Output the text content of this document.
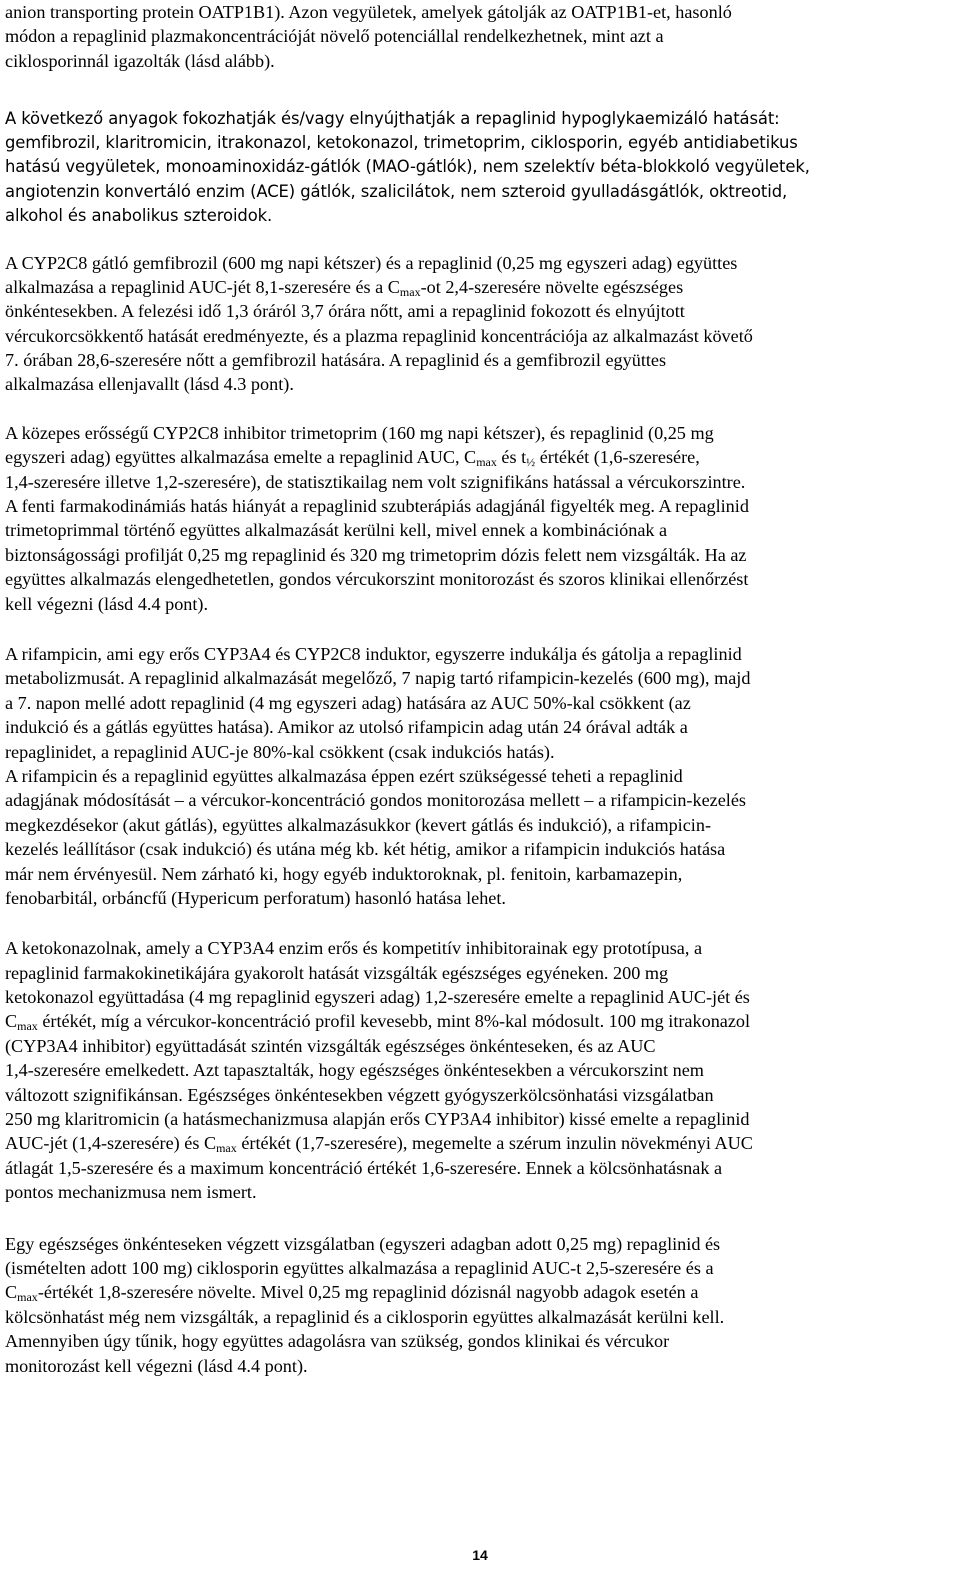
anion transporting protein OATP1B1). Azon vegyületek, amelyek gátolják az OATP1B1-et, hasonló
módon a repaglinid plazmakoncentrációját növelő potenciállal rendelkezhetnek, mint azt a
ciklosporinnál igazolták (lásd alább).
A következő anyagok fokozhatják és/vagy elnyújthatják a repaglinid hypoglykaemizáló hatását:
gemfibrozil, klaritromicin, itrakonazol, ketokonazol, trimetoprim, ciklosporin, egyéb antidiabetikus
hatású vegyületek, monoaminoxidáz-gátlók (MAO-gátlók), nem szelektív béta-blokkoló vegyületek,
angiotenzin konvertáló enzim (ACE) gátlók, szalicilátok, nem szteroid gyulladásgátlók, oktreotid,
alkohol és anabolikus szteroidok.
A CYP2C8 gátló gemfibrozil (600 mg napi kétszer) és a repaglinid (0,25 mg egyszeri adag) együttes
alkalmazása a repaglinid AUC-jét 8,1-szeresére és a $C_{max}-ot$ 2,4-szeresére növelte egészséges
önkéntesekben. A felezési idő 1,3 óráról 3,7 órára nőtt, ami a repaglinid fokozott és elnyújtott
vércukorcsökkentő hatását eredményezte, és a plazma repaglinid koncentrációja az alkalmazást követő
7. órában 28,6-szeresére nőtt a gemfibrozil hatására. A repaglinid és a gemfibrozil együttes
alkalmazása ellenjavallt (lásd 4.3 pont).
A közepes erősségű CYP2C8 inhibitor trimetoprim (160 mg napi kétszer), és repaglinid (0,25 mg
egyszeri adag) együttes alkalmazása emelte a repaglinid AUC, $C_{max}$ és $t_{\frac{1}{2}}$ értékét (1,6-szeresére,
1,4-szeresére illetve 1,2-szeresére), de statisztikailag nem volt szignifikáns hatással a vércukorszintre.
A fenti farmakodinámiás hatás hiányát a repaglinid szubterápiás adagjánál figyelték meg. A repaglinid
trimetoprimmal történő együttes alkalmazását kerülni kell, mivel ennek a kombinációnak a
biztonságossági profilját 0,25 mg repaglinid és 320 mg trimetoprim dózis felett nem vizsgálták. Ha az
együttes alkalmazás elengedhetetlen, gondos vércukorszint monitorozást és szoros klinikai ellenőrzést
kell végezni (lásd 4.4 pont).
A rifampicin, ami egy erős CYP3A4 és CYP2C8 induktor, egyszerre indukálja és gátolja a repaglinid
metabolizmusát. A repaglinid alkalmazását megelőző, 7 napig tartó rifampicin-kezelés (600 mg), majd
a 7. napon mellé adott repaglinid (4 mg egyszeri adag) hatására az AUC 50%-kal csökkent (az
indukció és a gátlás együttes hatása). Amikor az utolsó rifampicin adag után 24 órával adták a
repaglinidet, a repaglinid AUC-je 80%-kal csökkent (csak indukciós hatás).
A rifampicin és a repaglinid együttes alkalmazása éppen ezért szükségessé teheti a repaglinid
adagjának módosítását – a vércukor-koncentráció gondos monitorozása mellett – a rifampicin-kezelés
megkezdésekor (akut gátlás), együttes alkalmazásukkor (kevert gátlás és indukció), a rifampicin-
kezelés leállításor (csak indukció) és utána még kb. két hétig, amikor a rifampicin indukciós hatása
már nem érvényesül. Nem zárható ki, hogy egyéb induktoroknak, pl. fenitoin, karbamazepin,
fenobarbitál, orbáncfű (Hypericum perforatum) hasonló hatása lehet.
A ketokonazolnak, amely a CYP3A4 enzim erős és kompetitív inhibitorainak egy prototípusa, a
repaglinid farmakokinetikájára gyakorolt hatását vizsgálták egészséges egyéneken. 200 mg
ketokonazol együttadása (4 mg repaglinid egyszeri adag) 1,2-szeresére emelte a repaglinid AUC-jét és
$C_{max}$ értékét, míg a vércukor-koncentráció profil kevesebb, mint 8%-kal módosult. 100 mg itrakonazol
(CYP3A4 inhibitor) együttadását szintén vizsgálták egészséges önkénteseken, és az AUC
1,4-szeresére emelkedett. Azt tapasztalták, hogy egészséges önkéntesekben a vércukorszint nem
változott szignifikánsan. Egészséges önkéntesekben végzett gyógyszerkölcsönhatási vizsgálatban
250 mg klaritromicin (a hatásmechanizmusa alapján erős CYP3A4 inhibitor) kissé emelte a repaglinid
AUC-jét (1,4-szeresére) és $C_{max}$ értékét (1,7-szeresére), megemelte a szérum inzulin növekményi AUC
átlagát 1,5-szeresére és a maximum koncentráció értékét 1,6-szeresére. Ennek a kölcsönhatásnak a
pontos mechanizmusa nem ismert.
Egy egészséges önkénteseken végzett vizsgálatban (egyszeri adagban adott 0,25 mg) repaglinid és
(ismételten adott 100 mg) ciklosporin együttes alkalmazása a repaglinid AUC-t 2,5-szeresére és a
$C_{max}$-értékét 1,8-szeresére növelte. Mivel 0,25 mg repaglinid dózisnál nagyobb adagok esetén a
kölcsönhatást még nem vizsgálták, a repaglinid és a ciklosporin együttes alkalmazását kerülni kell.
Amennyiben úgy tűnik, hogy együttes adagolásra van szükség, gondos klinikai és vércukor
monitorozást kell végezni (lásd 4.4 pont).
14
